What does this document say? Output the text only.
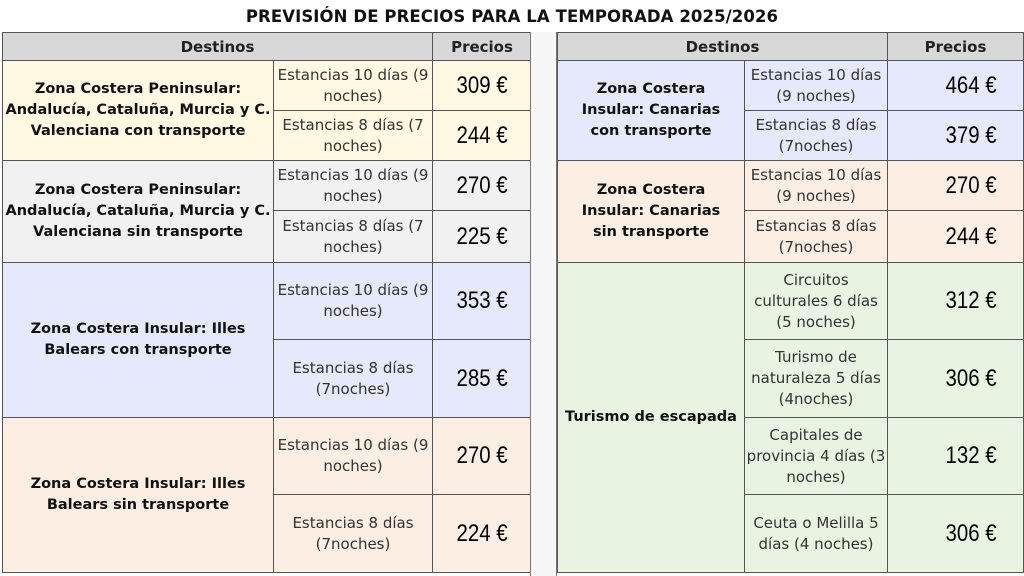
PREVISIÓN DE PRECIOS PARA LA TEMPORADA 2025/2026
Destinos		Precios
Zona Costera Peninsular: Andalucía, Cataluña, Murcia y C. Valenciana con transporte	Estancias 10 días (9 noches)	309 €
	Estancias 8 días (7 noches)	244 €
Zona Costera Peninsular: Andalucía, Cataluña, Murcia y C. Valenciana sin transporte	Estancias 10 días (9 noches)	270 €
	Estancias 8 días (7 noches)	225 €
Zona Costera Insular: Illes Balears con transporte	Estancias 10 días (9 noches)	353 €
	Estancias 8 días (7noches)	285 €
Zona Costera Insular: Illes Balears sin transporte	Estancias 10 días (9 noches)	270 €
	Estancias 8 días (7noches)	224 €
Destinos		Precios
Zona Costera Insular: Canarias con transporte	Estancias 10 días (9 noches)	464 €
	Estancias 8 días (7noches)	379 €
Zona Costera Insular: Canarias sin transporte	Estancias 10 días (9 noches)	270 €
	Estancias 8 días (7noches)	244 €
Turismo de escapada	Circuitos culturales 6 días (5 noches)	312 €
	Turismo de naturaleza 5 días (4noches)	306 €
	Capitales de provincia 4 días (3 noches)	132 €
	Ceuta o Melilla 5 días (4 noches)	306 €
